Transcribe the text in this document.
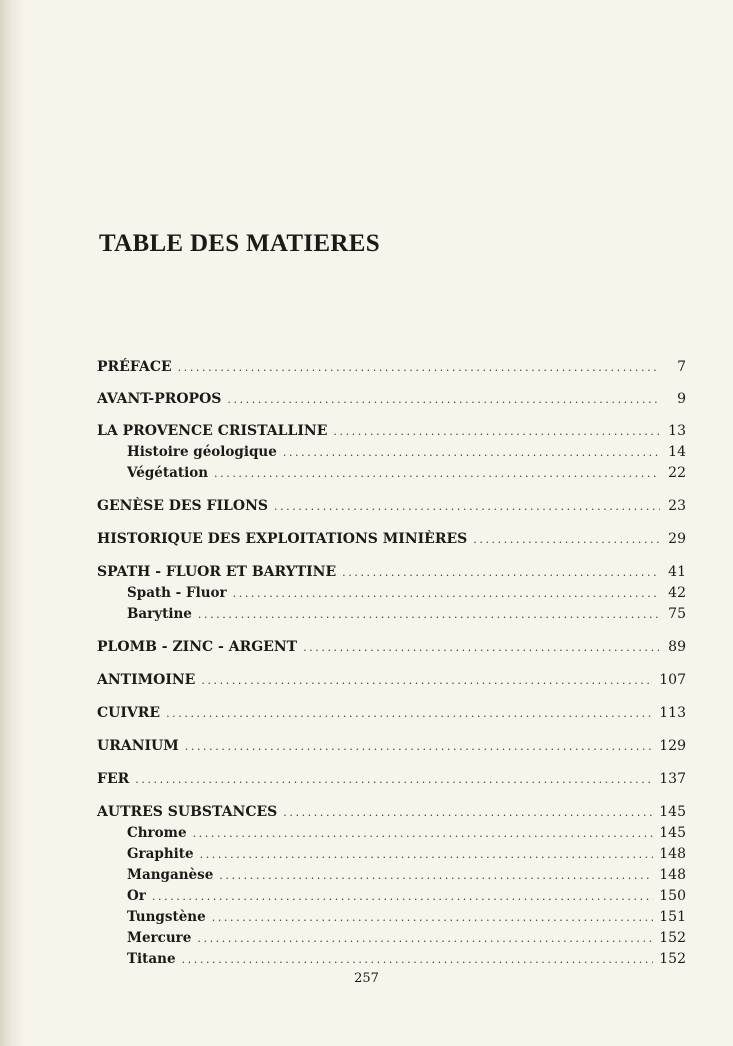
TABLE DES MATIERES
PRÉFACE .....	7
AVANT-PROPOS .....	9
LA PROVENCE CRISTALLINE .....	13
Histoire géologique .....	14
Végétation .....	22
GENÈSE DES FILONS .....	23
HISTORIQUE DES EXPLOITATIONS MINIÈRES .....	29
SPATH - FLUOR ET BARYTINE .....	41
Spath - Fluor .....	42
Barytine .....	75
PLOMB - ZINC - ARGENT .....	89
ANTIMOINE .....	107
CUIVRE .....	113
URANIUM .....	129
FER .....	137
AUTRES SUBSTANCES .....	145
Chrome .....	145
Graphite .....	148
Manganèse .....	148
Or .....	150
Tungstène .....	151
Mercure .....	152
Titane .....	152
257
